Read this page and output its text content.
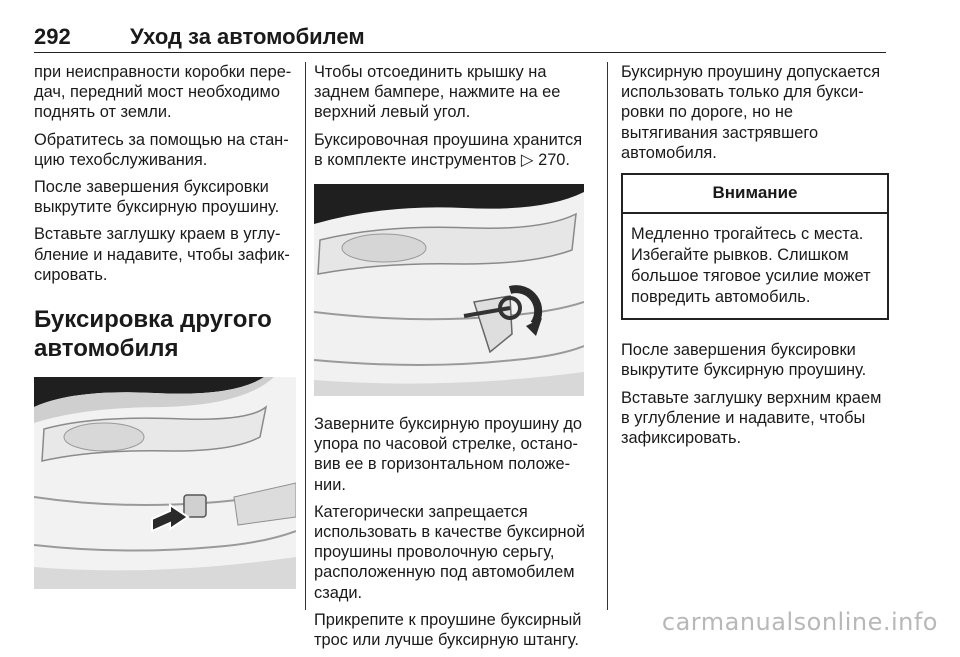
292	Уход за автомобилем

при неисправности коробки пере-дач, передний мост необходимо поднять от земли.

Обратитесь за помощью на стан-цию техобслуживания.

После завершения буксировки выкрутите буксирную проушину.

Вставьте заглушку краем в углу-бление и надавите, чтобы зафик-сировать.

Буксировка другого автомобиля

Чтобы отсоединить крышку на заднем бампере, нажмите на ее верхний левый угол.

Буксировочная проушина хранится в комплекте инструментов ▷ 270.

Заверните буксирную проушину до упора по часовой стрелке, остано-вив ее в горизонтальном положе-нии.

Категорически запрещается использовать в качестве буксирной проушины проволочную серьгу, расположенную под автомобилем сзади.

Прикрепите к проушине буксирный трос или лучше буксирную штангу.

Буксирную проушину допускается использовать только для букси-ровки по дороге, но не вытягивания застрявшего автомобиля.

Внимание
Медленно трогайтесь с места. Избегайте рывков. Слишком большое тяговое усилие может повредить автомобиль.

После завершения буксировки выкрутите буксирную проушину.

Вставьте заглушку верхним краем в углубление и надавите, чтобы зафиксировать.

carmanualsonline.info
